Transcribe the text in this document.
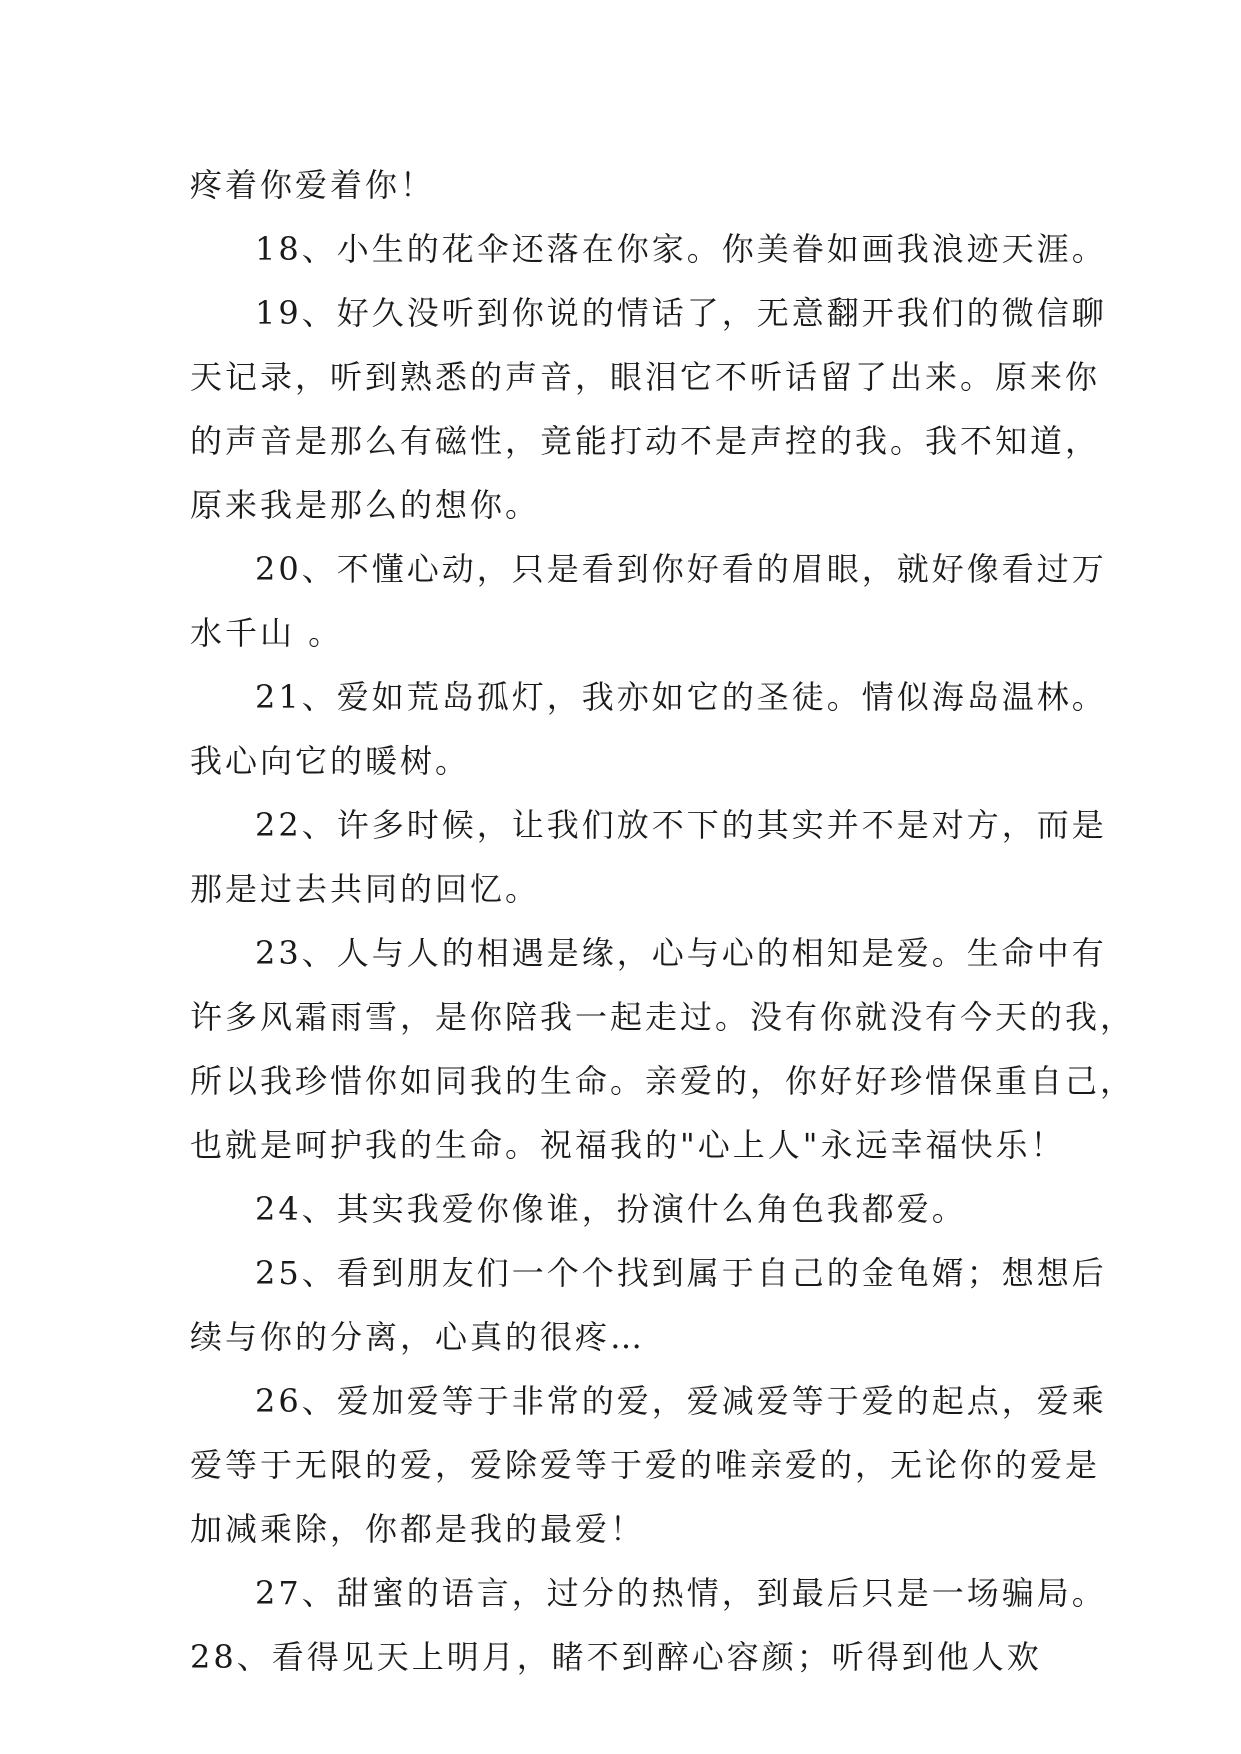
疼着你爱着你！
18、小生的花伞还落在你家。你美眷如画我浪迹天涯。
19、好久没听到你说的情话了，无意翻开我们的微信聊
天记录，听到熟悉的声音，眼泪它不听话留了出来。原来你
的声音是那么有磁性，竟能打动不是声控的我。我不知道，
原来我是那么的想你。
20、不懂心动，只是看到你好看的眉眼，就好像看过万
水千山 。
21、爱如荒岛孤灯，我亦如它的圣徒。情似海岛温林。
我心向它的暖树。
22、许多时候，让我们放不下的其实并不是对方，而是
那是过去共同的回忆。
23、人与人的相遇是缘，心与心的相知是爱。生命中有
许多风霜雨雪，是你陪我一起走过。没有你就没有今天的我，
所以我珍惜你如同我的生命。亲爱的，你好好珍惜保重自己，
也就是呵护我的生命。祝福我的"心上人"永远幸福快乐！
24、其实我爱你像谁，扮演什么角色我都爱。
25、看到朋友们一个个找到属于自己的金龟婿；想想后
续与你的分离，心真的很疼…
26、爱加爱等于非常的爱，爱减爱等于爱的起点，爱乘
爱等于无限的爱，爱除爱等于爱的唯亲爱的，无论你的爱是
加减乘除，你都是我的最爱！
27、甜蜜的语言，过分的热情，到最后只是一场骗局。
28、看得见天上明月，睹不到醉心容颜；听得到他人欢
